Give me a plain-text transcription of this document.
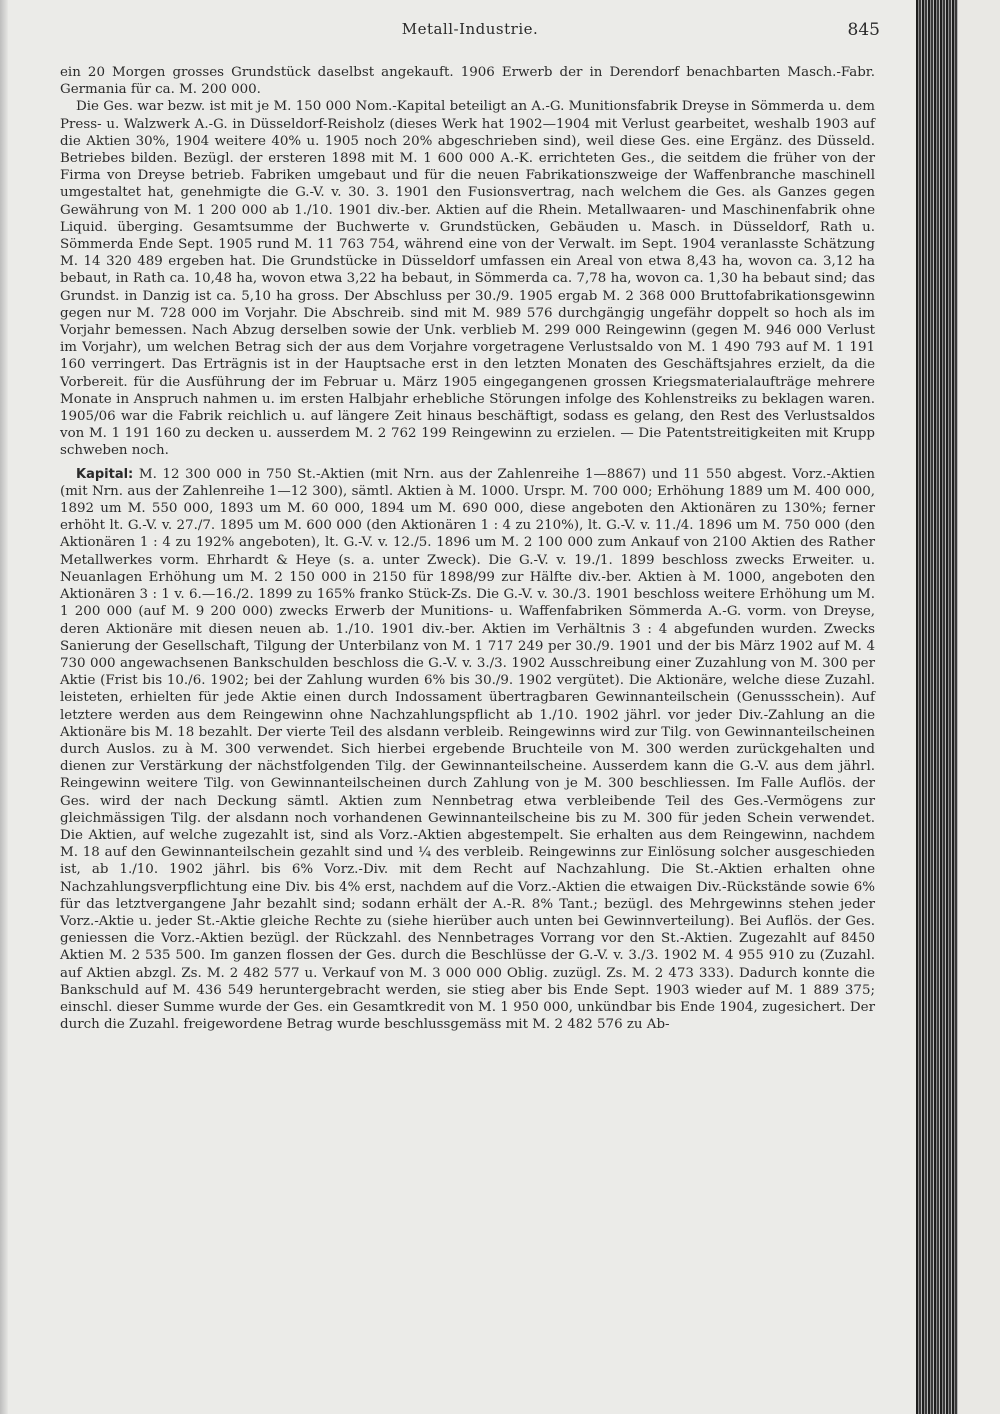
Metall-Industrie.	845

ein 20 Morgen grosses Grundstück daselbst angekauft. 1906 Erwerb der in Derendorf benachbarten Masch.-Fabr. Germania für ca. M. 200 000.

Die Ges. war bezw. ist mit je M. 150 000 Nom.-Kapital beteiligt an A.-G. Munitionsfabrik Dreyse in Sömmerda u. dem Press- u. Walzwerk A.-G. in Düsseldorf-Reisholz (dieses Werk hat 1902—1904 mit Verlust gearbeitet, weshalb 1903 auf die Aktien 30%, 1904 weitere 40% u. 1905 noch 20% abgeschrieben sind), weil diese Ges. eine Ergänz. des Düsseld. Betriebes bilden. Bezügl. der ersteren 1898 mit M. 1 600 000 A.-K. errichteten Ges., die seitdem die früher von der Firma von Dreyse betrieb. Fabriken umgebaut und für die neuen Fabrikationszweige der Waffenbranche maschinell umgestaltet hat, genehmigte die G.-V. v. 30. 3. 1901 den Fusionsvertrag, nach welchem die Ges. als Ganzes gegen Gewährung von M. 1 200 000 ab 1./10. 1901 div.-ber. Aktien auf die Rhein. Metallwaaren- und Maschinenfabrik ohne Liquid. überging. Gesamtsumme der Buchwerte v. Grundstücken, Gebäuden u. Masch. in Düsseldorf, Rath u. Sömmerda Ende Sept. 1905 rund M. 11 763 754, während eine von der Verwalt. im Sept. 1904 veranlasste Schätzung M. 14 320 489 ergeben hat. Die Grundstücke in Düsseldorf umfassen ein Areal von etwa 8,43 ha, wovon ca. 3,12 ha bebaut, in Rath ca. 10,48 ha, wovon etwa 3,22 ha bebaut, in Sömmerda ca. 7,78 ha, wovon ca. 1,30 ha bebaut sind; das Grundst. in Danzig ist ca. 5,10 ha gross. Der Abschluss per 30./9. 1905 ergab M. 2 368 000 Bruttofabrikationsgewinn gegen nur M. 728 000 im Vorjahr. Die Abschreib. sind mit M. 989 576 durchgängig ungefähr doppelt so hoch als im Vorjahr bemessen. Nach Abzug derselben sowie der Unk. verblieb M. 299 000 Reingewinn (gegen M. 946 000 Verlust im Vorjahr), um welchen Betrag sich der aus dem Vorjahre vorgetragene Verlustsaldo von M. 1 490 793 auf M. 1 191 160 verringert. Das Erträgnis ist in der Hauptsache erst in den letzten Monaten des Geschäftsjahres erzielt, da die Vorbereit. für die Ausführung der im Februar u. März 1905 eingegangenen grossen Kriegsmaterialaufträge mehrere Monate in Anspruch nahmen u. im ersten Halbjahr erhebliche Störungen infolge des Kohlenstreiks zu beklagen waren. 1905/06 war die Fabrik reichlich u. auf längere Zeit hinaus beschäftigt, sodass es gelang, den Rest des Verlustsaldos von M. 1 191 160 zu decken u. ausserdem M. 2 762 199 Reingewinn zu erzielen. — Die Patentstreitigkeiten mit Krupp schweben noch.

Kapital: M. 12 300 000 in 750 St.-Aktien (mit Nrn. aus der Zahlenreihe 1—8867) und 11 550 abgest. Vorz.-Aktien (mit Nrn. aus der Zahlenreihe 1—12 300), sämtl. Aktien à M. 1000. Urspr. M. 700 000; Erhöhung 1889 um M. 400 000, 1892 um M. 550 000, 1893 um M. 60 000, 1894 um M. 690 000, diese angeboten den Aktionären zu 130%; ferner erhöht lt. G.-V. v. 27./7. 1895 um M. 600 000 (den Aktionären 1 : 4 zu 210%), lt. G.-V. v. 11./4. 1896 um M. 750 000 (den Aktionären 1 : 4 zu 192% angeboten), lt. G.-V. v. 12./5. 1896 um M. 2 100 000 zum Ankauf von 2100 Aktien des Rather Metallwerkes vorm. Ehrhardt & Heye (s. a. unter Zweck). Die G.-V. v. 19./1. 1899 beschloss zwecks Erweiter. u. Neuanlagen Erhöhung um M. 2 150 000 in 2150 für 1898/99 zur Hälfte div.-ber. Aktien à M. 1000, angeboten den Aktionären 3 : 1 v. 6.—16./2. 1899 zu 165% franko Stück-Zs. Die G.-V. v. 30./3. 1901 beschloss weitere Erhöhung um M. 1 200 000 (auf M. 9 200 000) zwecks Erwerb der Munitions- u. Waffenfabriken Sömmerda A.-G. vorm. von Dreyse, deren Aktionäre mit diesen neuen ab. 1./10. 1901 div.-ber. Aktien im Verhältnis 3 : 4 abgefunden wurden. Zwecks Sanierung der Gesellschaft, Tilgung der Unterbilanz von M. 1 717 249 per 30./9. 1901 und der bis März 1902 auf M. 4 730 000 angewachsenen Bankschulden beschloss die G.-V. v. 3./3. 1902 Ausschreibung einer Zuzahlung von M. 300 per Aktie (Frist bis 10./6. 1902; bei der Zahlung wurden 6% bis 30./9. 1902 vergütet). Die Aktionäre, welche diese Zuzahl. leisteten, erhielten für jede Aktie einen durch Indossament übertragbaren Gewinnanteilschein (Genussschein). Auf letztere werden aus dem Reingewinn ohne Nachzahlungspflicht ab 1./10. 1902 jährl. vor jeder Div.-Zahlung an die Aktionäre bis M. 18 bezahlt. Der vierte Teil des alsdann verbleib. Reingewinns wird zur Tilg. von Gewinnanteilscheinen durch Auslos. zu à M. 300 verwendet. Sich hierbei ergebende Bruchteile von M. 300 werden zurückgehalten und dienen zur Verstärkung der nächstfolgenden Tilg. der Gewinnanteilscheine. Ausserdem kann die G.-V. aus dem jährl. Reingewinn weitere Tilg. von Gewinnanteilscheinen durch Zahlung von je M. 300 beschliessen. Im Falle Auflös. der Ges. wird der nach Deckung sämtl. Aktien zum Nennbetrag etwa verbleibende Teil des Ges.-Vermögens zur gleichmässigen Tilg. der alsdann noch vorhandenen Gewinnanteilscheine bis zu M. 300 für jeden Schein verwendet. Die Aktien, auf welche zugezahlt ist, sind als Vorz.-Aktien abgestempelt. Sie erhalten aus dem Reingewinn, nachdem M. 18 auf den Gewinnanteilschein gezahlt sind und ¼ des verbleib. Reingewinns zur Einlösung solcher ausgeschieden ist, ab 1./10. 1902 jährl. bis 6% Vorz.-Div. mit dem Recht auf Nachzahlung. Die St.-Aktien erhalten ohne Nachzahlungsverpflichtung eine Div. bis 4% erst, nachdem auf die Vorz.-Aktien die etwaigen Div.-Rückstände sowie 6% für das letztvergangene Jahr bezahlt sind; sodann erhält der A.-R. 8% Tant.; bezügl. des Mehrgewinns stehen jeder Vorz.-Aktie u. jeder St.-Aktie gleiche Rechte zu (siehe hierüber auch unten bei Gewinnverteilung). Bei Auflös. der Ges. geniessen die Vorz.-Aktien bezügl. der Rückzahl. des Nennbetrages Vorrang vor den St.-Aktien. Zugezahlt auf 8450 Aktien M. 2 535 500. Im ganzen flossen der Ges. durch die Beschlüsse der G.-V. v. 3./3. 1902 M. 4 955 910 zu (Zuzahl. auf Aktien abzgl. Zs. M. 2 482 577 u. Verkauf von M. 3 000 000 Oblig. zuzügl. Zs. M. 2 473 333). Dadurch konnte die Bankschuld auf M. 436 549 heruntergebracht werden, sie stieg aber bis Ende Sept. 1903 wieder auf M. 1 889 375; einschl. dieser Summe wurde der Ges. ein Gesamtkredit von M. 1 950 000, unkündbar bis Ende 1904, zugesichert. Der durch die Zuzahl. freigewordene Betrag wurde beschlussgemäss mit M. 2 482 576 zu Ab-
